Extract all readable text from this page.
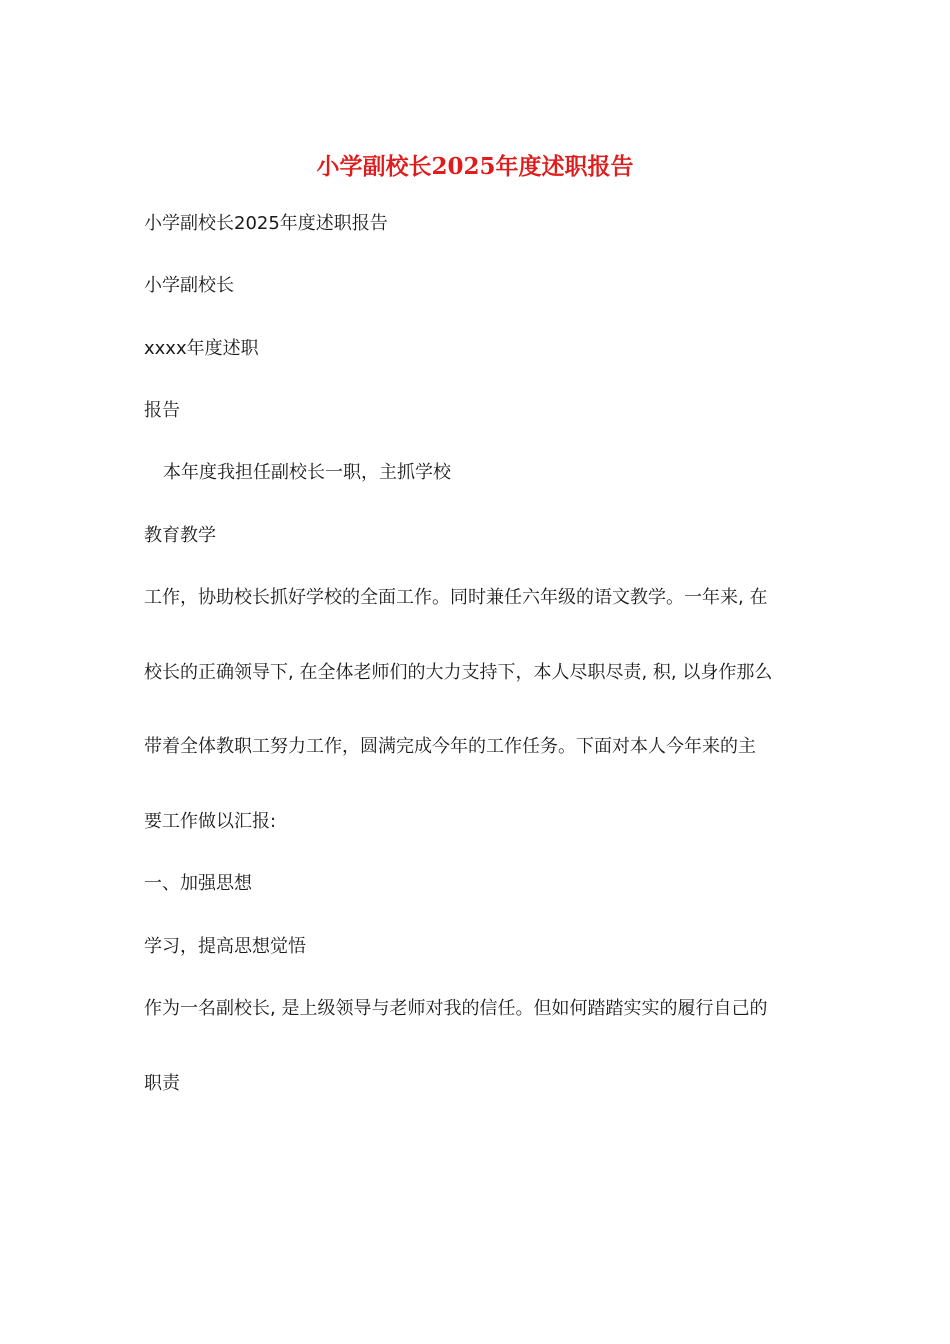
小学副校长2025年度述职报告
小学副校长2025年度述职报告
小学副校长
xxxx年度述职
报告
本年度我担任副校长一职，主抓学校
教育教学
工作，协助校长抓好学校的全面工作。同时兼任六年级的语文教学。一年来, 在
校长的正确领导下, 在全体老师们的大力支持下，本人尽职尽责, 积, 以身作那么
带着全体教职工努力工作，圆满完成今年的工作任务。下面对本人今年来的主
要工作做以汇报:
一、加强思想
学习，提高思想觉悟
作为一名副校长, 是上级领导与老师对我的信任。但如何踏踏实实的履行自己的
职责
